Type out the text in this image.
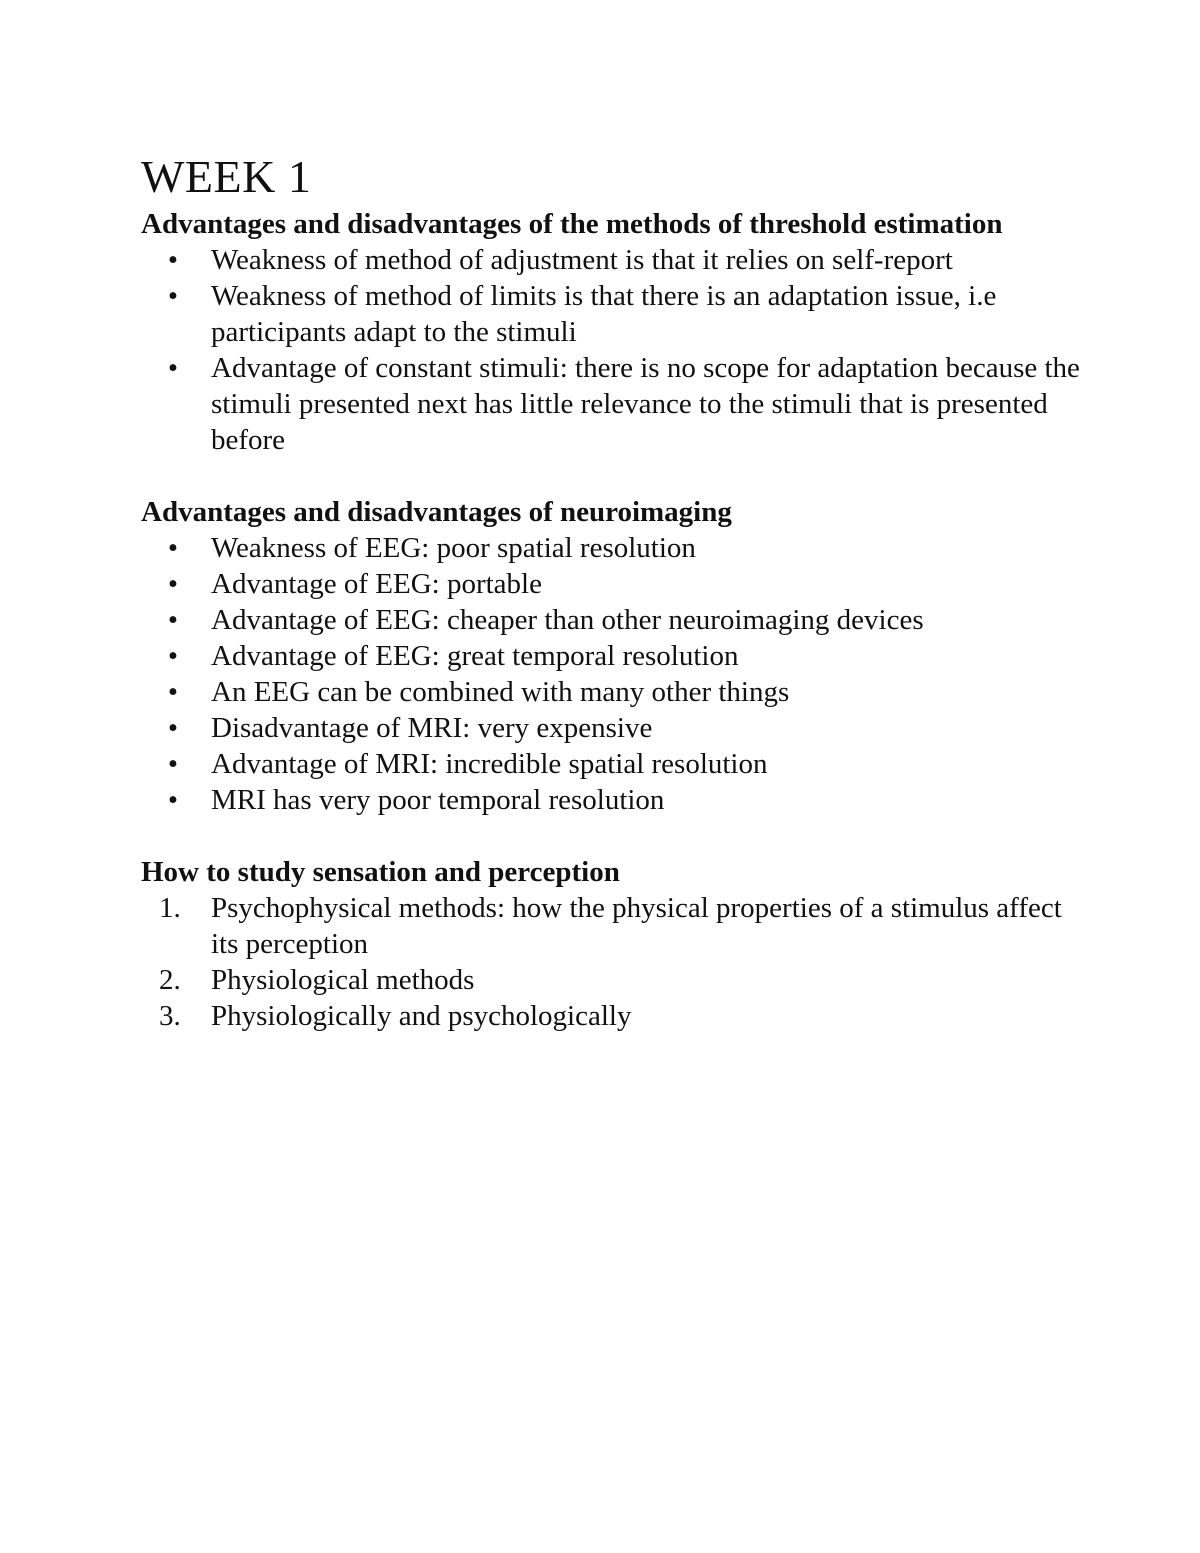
WEEK 1
Advantages and disadvantages of the methods of threshold estimation
• Weakness of method of adjustment is that it relies on self-report
• Weakness of method of limits is that there is an adaptation issue, i.e participants adapt to the stimuli
• Advantage of constant stimuli: there is no scope for adaptation because the stimuli presented next has little relevance to the stimuli that is presented before
Advantages and disadvantages of neuroimaging
• Weakness of EEG: poor spatial resolution
• Advantage of EEG: portable
• Advantage of EEG: cheaper than other neuroimaging devices
• Advantage of EEG: great temporal resolution
• An EEG can be combined with many other things
• Disadvantage of MRI: very expensive
• Advantage of MRI: incredible spatial resolution
• MRI has very poor temporal resolution
How to study sensation and perception
1.	Psychophysical methods: how the physical properties of a stimulus affect its perception
2.	Physiological methods
3.	Physiologically and psychologically
